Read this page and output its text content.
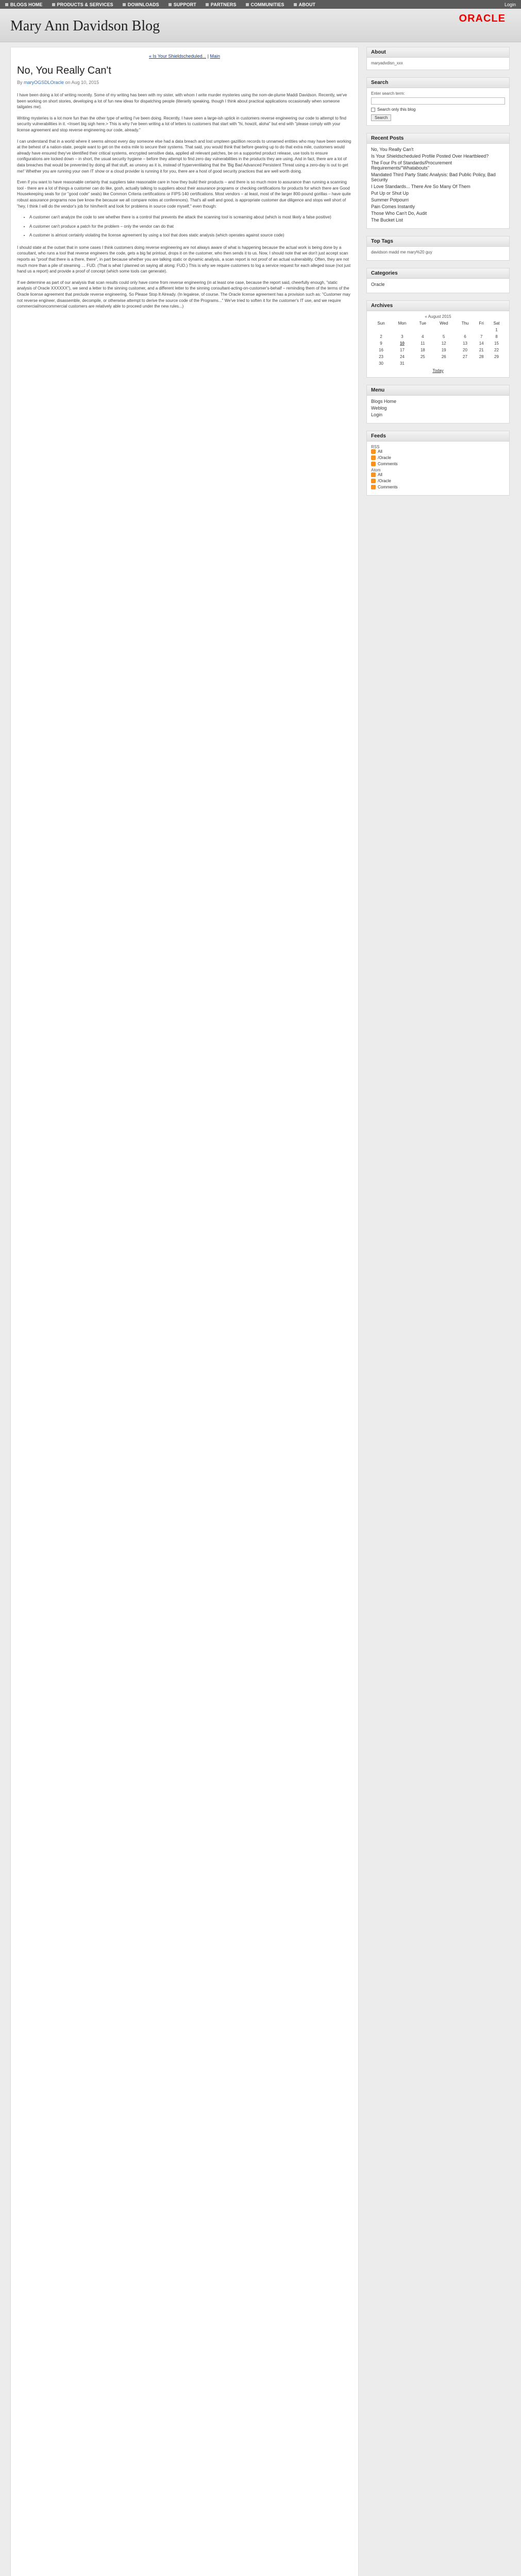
BLOGS HOME	PRODUCTS & SERVICES	DOWNLOADS	SUPPORT	PARTNERS	COMMUNITIES	ABOUT	Login
Mary Ann Davidson Blog	ORACLE
« Is Your Shieldscheduled... | Main
No, You Really Can't
By maryOGSDLOracle on Aug 10, 2015

I have been doing a lot of writing recently. Some of my writing has been with my sister, with whom I write murder mysteries using the nom-de-plume Maddi Davidson. Recently, we've been working on short stories, developing a lot of fun new ideas for dispatching people (literarily speaking, though I think about practical applications occasionally when someone tailgates me).

Writing mysteries is a lot more fun than the other type of writing I've been doing. Recently, I have seen a large-ish uptick in customers reverse engineering our code to attempt to find security vulnerabilities in it. <Insert big sigh here.> This is why I've been writing a lot of letters to customers that start with "hi, howzit, aloha" but end with "please comply with your license agreement and stop reverse engineering our code, already."

I can understand that in a world where it seems almost every day someone else had a data breach and lost umpteen gazillion records to unnamed entities who may have been working at the behest of a nation-state, people want to get on the extra mile to secure their systems. That said, you would think that before gearing up to do that extra mile, customers would already have ensured they've identified their critical systems, encrypted sensitive data, applied all relevant patches, be on a supported product release, use tools to ensure configurations are locked down – in short, the usual security hygiene – before they attempt to find zero day vulnerabilities in the products they are using. And in fact, there are a lot of data breaches that would be prevented by doing all that stuff, as unsexy as it is, instead of hyperventilating that the 'Big Bad Advanced Persistent Threat using a zero-day is out to get me!' Whether you are running your own IT show or a cloud provider is running it for you, there are a host of good security practices that are well worth doing.

Even if you want to have reasonable certainty that suppliers take reasonable care in how they build their products – and there is so much more to assurance than running a scanning tool - there are a lot of things a customer can do like, gosh, actually talking to suppliers about their assurance programs or checking certifications for products for which there are Good Housekeeping seals for (or "good code" seals) like Common Criteria certifications or FIPS-140 certifications. Most vendors – at least, most of the larger 800-pound gorillas – have quite robust assurance programs now (we know the because we all compare notes at conferences). That's all well and good, is appropriate customer due diligence and stops well short of "hey, I think I will do the vendor's job for him/her/it and look for problems in source code myself," even though:

• A customer can't analyze the code to see whether there is a control that prevents the attack the scanning tool is screaming about (which is most likely a false positive)
• A customer can't produce a patch for the problem – only the vendor can do that
• A customer is almost certainly violating the license agreement by using a tool that does static analysis (which operates against source code)

I should state at the outset that in some cases I think customers doing reverse engineering are not always aware of what is happening because the actual work is being done by a consultant, who runs a tool that reverse engineers the code, gets a big fat printout, drops it on the customer, who then sends it to us. Now, I should note that we don't just accept scan reports as "proof that there is a there, there", in part because whether you are talking static or dynamic analysis, a scan report is not proof of an actual vulnerability. Often, they are not much more than a pile of steaming … FUD. (That is what I planned on saying all along: FUD.) This is why we require customers to log a service request for each alleged issue (not just hand us a report) and provide a proof of concept (which some tools can generate).

If we determine as part of our analysis that scan results could only have come from reverse engineering (in at least one case, because the report said, cheerfully enough, "static analysis of Oracle XXXXXX"), we send a letter to the sinning customer, and a different letter to the sinning consultant-acting-on-customer's-behalf – reminding them of the terms of the Oracle license agreement that preclude reverse engineering, So Please Stop It Already. (In legalese, of course. The Oracle license agreement has a provision such as: "Customer may not reverse engineer, disassemble, decompile, or otherwise attempt to derive the source code of the Programs..." We've tried to soften it for the customer's IT use, and we require commercial/noncommercial customers are relatively able to proceed under the new rules...)

About
maryadvdisn_xxx
Search
Enter search term:
Search only this blog
Search
Recent Posts
No, You Really Can't
Is Your Shieldscheduled Profile Posted Over Heartbleed?
The Four Ps of Standards/Procurement Requirements/"Whatabouts"
Mandated Third Party Static Analysis: Bad Public Policy, Bad Security
I Love Standards... There Are So Many Of Them
Put Up or Shut Up
Summer Potpourri
Pain Comes Instantly
Those Who Can't Do, Audit
The Bucket List
Top Tags
davidson madd me mary%20 guy
Categories
Oracle
Archives
« August 2015
Sun	Mon	Tue	Wed	Thu	Fri	Sat
						1
2	3	4	5	6	7	8
9	10	11	12	13	14	15
16	17	18	19	20	21	22
23	24	25	26	27	28	29
30	31					
Today
Menu
Blogs Home
Weblog
Login
Feeds
RSS
All
/Oracle
Comments
Atom
All
/Oracle
Comments
